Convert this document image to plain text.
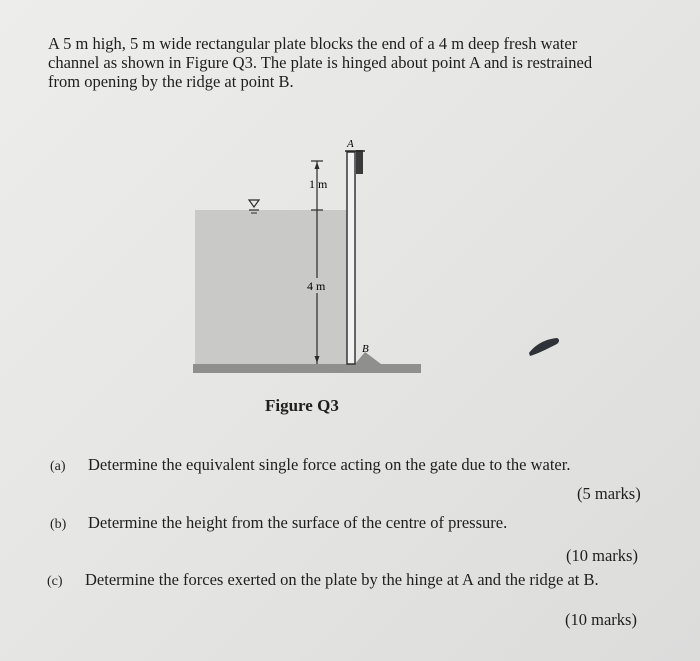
A 5 m high, 5 m wide rectangular plate blocks the end of a 4 m deep fresh water
channel as shown in Figure Q3. The plate is hinged about point A and is restrained
from opening by the ridge at point B.

A
B
1 m
4 m
Figure Q3
(a) Determine the equivalent single force acting on the gate due to the water.
(5 marks)
(b) Determine the height from the surface of the centre of pressure.
(10 marks)
(c) Determine the forces exerted on the plate by the hinge at A and the ridge at B.
(10 marks)
